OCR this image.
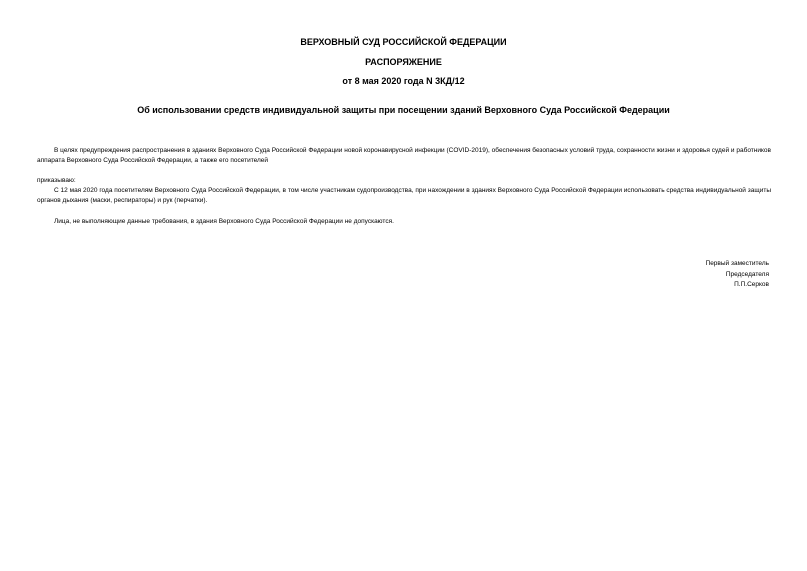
ВЕРХОВНЫЙ СУД РОССИЙСКОЙ ФЕДЕРАЦИИ
РАСПОРЯЖЕНИЕ
от 8 мая 2020 года N 3КД/12
Об использовании средств индивидуальной защиты при посещении зданий Верховного Суда Российской Федерации
В целях предупреждения распространения в зданиях Верховного Суда Российской Федерации новой коронавирусной инфекции (COVID-2019), обеспечения безопасных условий труда, сохранности жизни и здоровья судей и работников аппарата Верховного Суда Российской Федерации, а также его посетителей
приказываю:
С 12 мая 2020 года посетителям Верховного Суда Российской Федерации, в том числе участникам судопроизводства, при нахождении в зданиях Верховного Суда Российской Федерации использовать средства индивидуальной защиты органов дыхания (маски, респираторы) и рук (перчатки).
Лица, не выполняющие данные требования, в здания Верховного Суда Российской Федерации не допускаются.
Первый заместитель
Председателя
П.П.Серков
